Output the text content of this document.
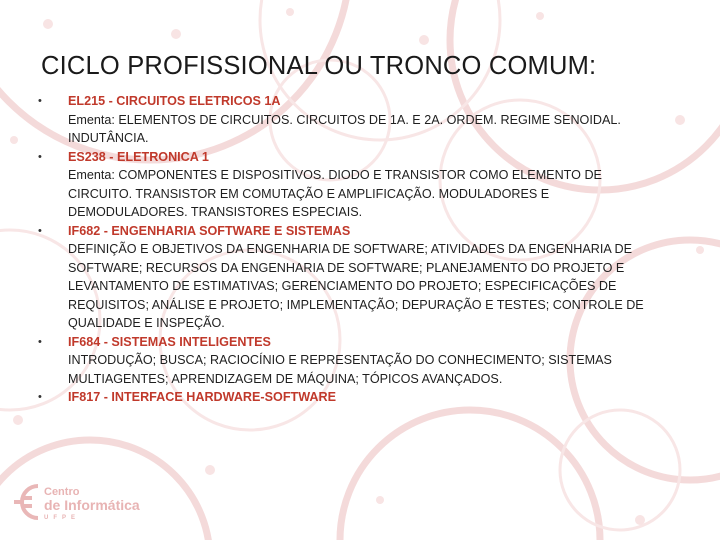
CICLO PROFISSIONAL OU TRONCO COMUM:
•	EL215 - CIRCUITOS ELETRICOS 1A
Ementa: ELEMENTOS DE CIRCUITOS. CIRCUITOS DE 1A. E 2A. ORDEM. REGIME SENOIDAL. INDUTÂNCIA.
•	ES238 - ELETRONICA 1
Ementa: COMPONENTES E DISPOSITIVOS. DIODO E TRANSISTOR COMO ELEMENTO DE CIRCUITO. TRANSISTOR EM COMUTAÇÃO E AMPLIFICAÇÃO. MODULADORES E DEMODULADORES. TRANSISTORES ESPECIAIS.
•	IF682 - ENGENHARIA SOFTWARE E SISTEMAS
DEFINIÇÃO E OBJETIVOS DA ENGENHARIA DE SOFTWARE; ATIVIDADES DA ENGENHARIA DE SOFTWARE; RECURSOS DA ENGENHARIA DE SOFTWARE; PLANEJAMENTO DO PROJETO E LEVANTAMENTO DE ESTIMATIVAS; GERENCIAMENTO DO PROJETO; ESPECIFICAÇÕES DE REQUISITOS; ANÁLISE E PROJETO; IMPLEMENTAÇÃO; DEPURAÇÃO E TESTES; CONTROLE DE QUALIDADE E INSPEÇÃO.
•	IF684 - SISTEMAS INTELIGENTES
INTRODUÇÃO; BUSCA; RACIOCÍNIO E REPRESENTAÇÃO DO CONHECIMENTO; SISTEMAS MULTIAGENTES; APRENDIZAGEM DE MÁQUINA; TÓPICOS AVANÇADOS.
•	IF817 - INTERFACE HARDWARE-SOFTWARE
Centro
de Informática
UFPE
